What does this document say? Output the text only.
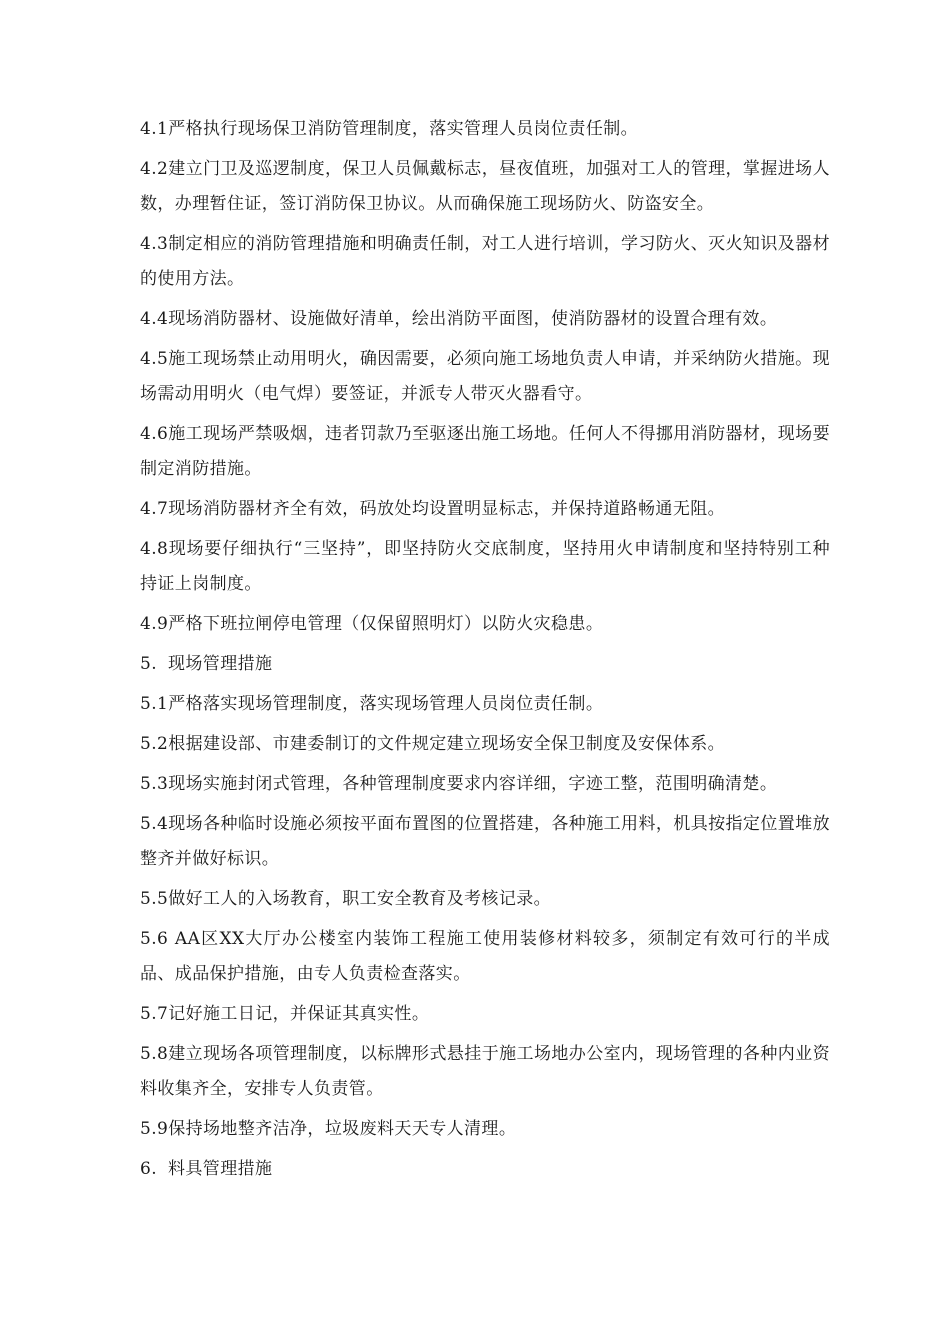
4.1严格执行现场保卫消防管理制度，落实管理人员岗位责任制。

4.2建立门卫及巡逻制度，保卫人员佩戴标志，昼夜值班，加强对工人的管理，掌握进场人数，办理暂住证，签订消防保卫协议。从而确保施工现场防火、防盗安全。

4.3制定相应的消防管理措施和明确责任制，对工人进行培训，学习防火、灭火知识及器材的使用方法。

4.4现场消防器材、设施做好清单，绘出消防平面图，使消防器材的设置合理有效。

4.5施工现场禁止动用明火，确因需要，必须向施工场地负责人申请，并采纳防火措施。现场需动用明火（电气焊）要签证，并派专人带灭火器看守。

4.6施工现场严禁吸烟，违者罚款乃至驱逐出施工场地。任何人不得挪用消防器材，现场要制定消防措施。

4.7现场消防器材齐全有效，码放处均设置明显标志，并保持道路畅通无阻。

4.8现场要仔细执行“三坚持”，即坚持防火交底制度，坚持用火申请制度和坚持特别工种持证上岗制度。

4.9严格下班拉闸停电管理（仅保留照明灯）以防火灾稳患。

5. 现场管理措施

5.1严格落实现场管理制度，落实现场管理人员岗位责任制。

5.2根据建设部、市建委制订的文件规定建立现场安全保卫制度及安保体系。

5.3现场实施封闭式管理，各种管理制度要求内容详细，字迹工整，范围明确清楚。

5.4现场各种临时设施必须按平面布置图的位置搭建，各种施工用料，机具按指定位置堆放整齐并做好标识。

5.5做好工人的入场教育，职工安全教育及考核记录。

5.6 AA区XX大厅办公楼室内装饰工程施工使用装修材料较多，须制定有效可行的半成品、成品保护措施，由专人负责检查落实。

5.7记好施工日记，并保证其真实性。

5.8建立现场各项管理制度，以标牌形式悬挂于施工场地办公室内，现场管理的各种内业资料收集齐全，安排专人负责管。

5.9保持场地整齐洁净，垃圾废料天天专人清理。

6. 料具管理措施
